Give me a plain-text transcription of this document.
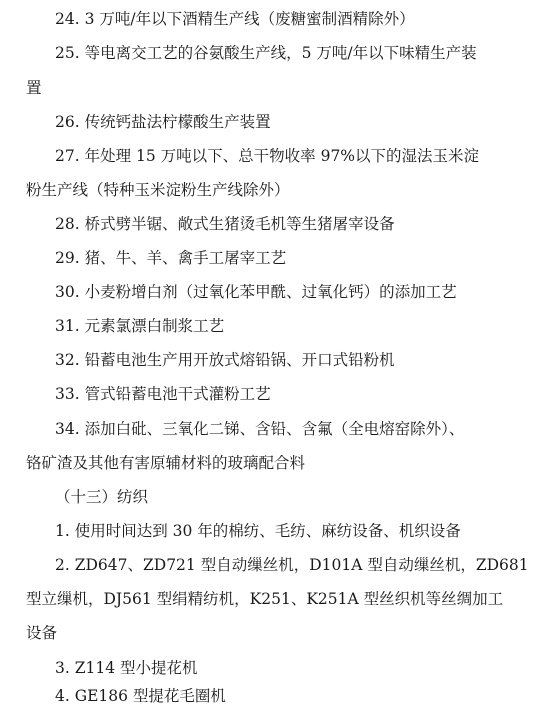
24. 3 万吨/年以下酒精生产线（废糖蜜制酒精除外）
25. 等电离交工艺的谷氨酸生产线，5 万吨/年以下味精生产装
置
26. 传统钙盐法柠檬酸生产装置
27. 年处理 15 万吨以下、总干物收率 97%以下的湿法玉米淀
粉生产线（特种玉米淀粉生产线除外）
28. 桥式劈半锯、敞式生猪烫毛机等生猪屠宰设备
29. 猪、牛、羊、禽手工屠宰工艺
30. 小麦粉增白剂（过氧化苯甲酰、过氧化钙）的添加工艺
31. 元素氯漂白制浆工艺
32. 铅蓄电池生产用开放式熔铅锅、开口式铅粉机
33. 管式铅蓄电池干式灌粉工艺
34. 添加白砒、三氧化二锑、含铅、含氟（全电熔窑除外）、
铬矿渣及其他有害原辅材料的玻璃配合料
（十三）纺织
1. 使用时间达到 30 年的棉纺、毛纺、麻纺设备、机织设备
2. ZD647、ZD721 型自动缫丝机，D101A 型自动缫丝机，ZD681
型立缫机，DJ561 型绢精纺机，K251、K251A 型丝织机等丝绸加工
设备
3. Z114 型小提花机
4. GE186 型提花毛圈机
